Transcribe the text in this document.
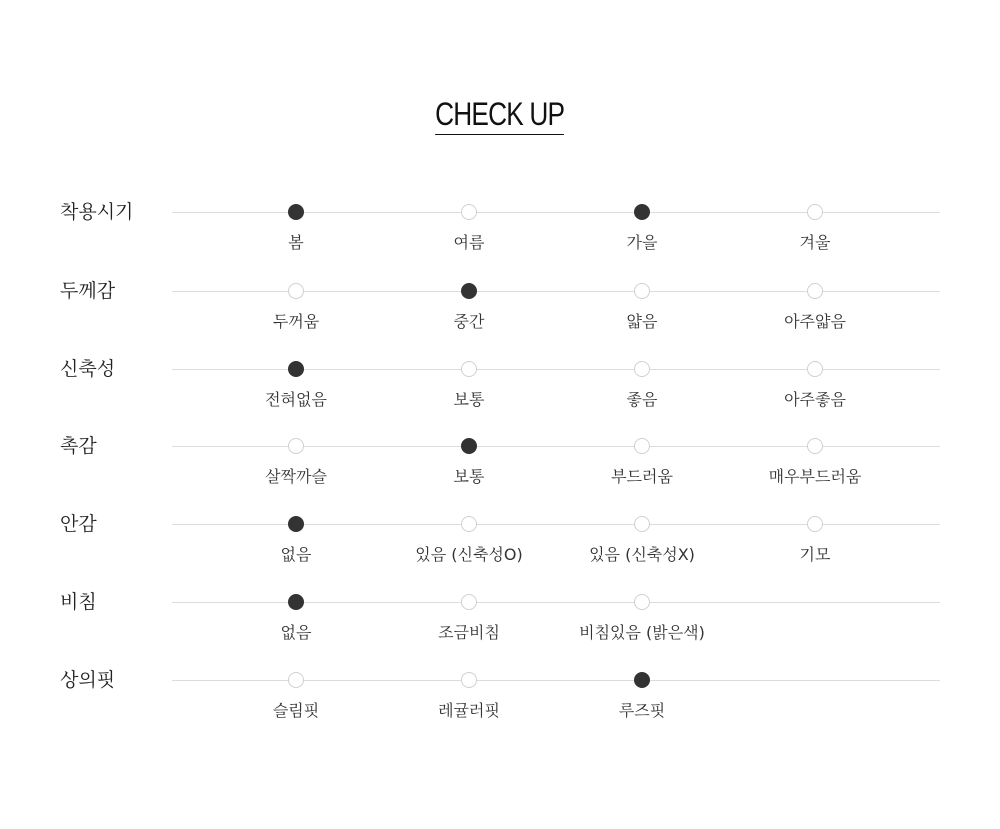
CHECK UP
착용시기
봄	여름	가을	겨울
두께감
두꺼움	중간	얇음	아주얇음
신축성
전혀없음	보통	좋음	아주좋음
촉감
살짝까슬	보통	부드러움	매우부드러움
안감
없음	있음 (신축성O)	있음 (신축성X)	기모
비침
없음	조금비침	비침있음 (밝은색)
상의핏
슬림핏	레귤러핏	루즈핏
